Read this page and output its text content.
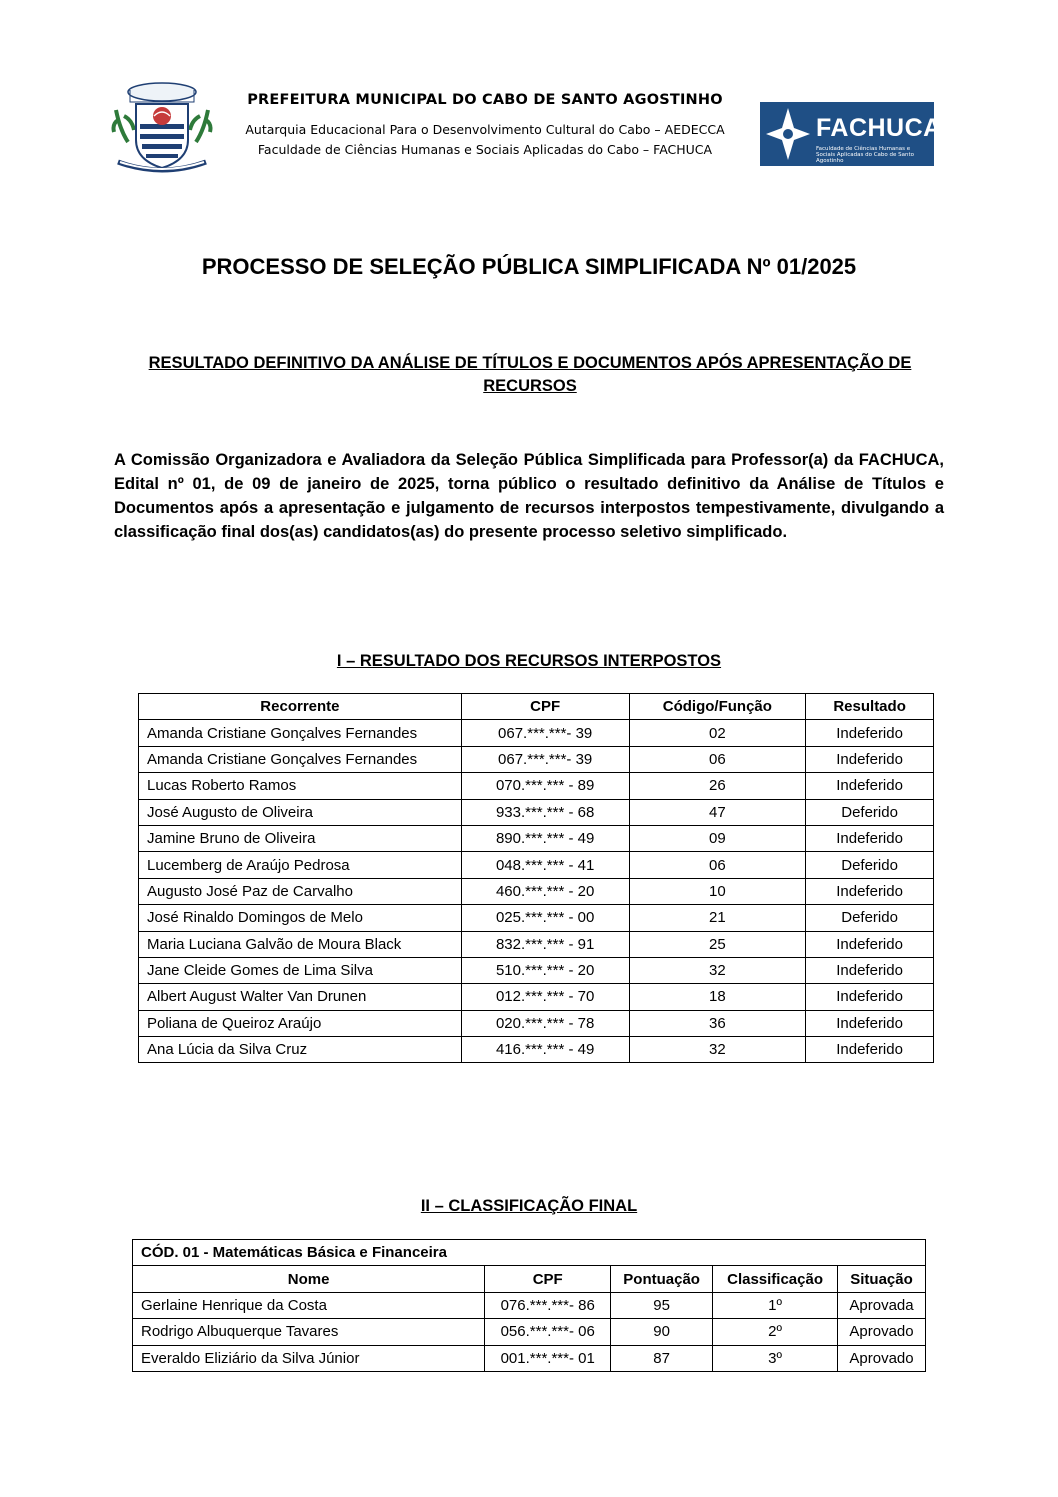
PREFEITURA MUNICIPAL DO CABO DE SANTO AGOSTINHO
Autarquia Educacional Para o Desenvolvimento Cultural do Cabo – AEDECCA
Faculdade de Ciências Humanas e Sociais Aplicadas do Cabo – FACHUCA
FACHUCA
Faculdade de Ciências Humanas e Sociais Aplicadas do Cabo de Santo Agostinho
PROCESSO DE SELEÇÃO PÚBLICA SIMPLIFICADA Nº 01/2025
RESULTADO DEFINITIVO DA ANÁLISE DE TÍTULOS E DOCUMENTOS APÓS APRESENTAÇÃO DE RECURSOS
A Comissão Organizadora e Avaliadora da Seleção Pública Simplificada para Professor(a) da FACHUCA, Edital nº 01, de 09 de janeiro de 2025, torna público o resultado definitivo da Análise de Títulos e Documentos após a apresentação e julgamento de recursos interpostos tempestivamente, divulgando a classificação final dos(as) candidatos(as) do presente processo seletivo simplificado.
I – RESULTADO DOS RECURSOS INTERPOSTOS
Recorrente	CPF	Código/Função	Resultado
Amanda Cristiane Gonçalves Fernandes	067.***.***- 39	02	Indeferido
Amanda Cristiane Gonçalves Fernandes	067.***.***- 39	06	Indeferido
Lucas Roberto Ramos	070.***.*** - 89	26	Indeferido
José Augusto de Oliveira	933.***.*** - 68	47	Deferido
Jamine Bruno de Oliveira	890.***.*** - 49	09	Indeferido
Lucemberg de Araújo Pedrosa	048.***.*** - 41	06	Deferido
Augusto José Paz de Carvalho	460.***.*** - 20	10	Indeferido
José Rinaldo Domingos de Melo	025.***.*** - 00	21	Deferido
Maria Luciana Galvão de Moura Black	832.***.*** - 91	25	Indeferido
Jane Cleide Gomes de Lima Silva	510.***.*** - 20	32	Indeferido
Albert August Walter Van Drunen	012.***.*** - 70	18	Indeferido
Poliana de Queiroz Araújo	020.***.*** - 78	36	Indeferido
Ana Lúcia da Silva Cruz	416.***.*** - 49	32	Indeferido
II – CLASSIFICAÇÃO FINAL
CÓD. 01 - Matemáticas Básica e Financeira				
Nome	CPF	Pontuação	Classificação	Situação
Gerlaine Henrique da Costa	076.***.***- 86	95	1º	Aprovada
Rodrigo Albuquerque Tavares	056.***.***- 06	90	2º	Aprovado
Everaldo Eliziário da Silva Júnior	001.***.***- 01	87	3º	Aprovado
